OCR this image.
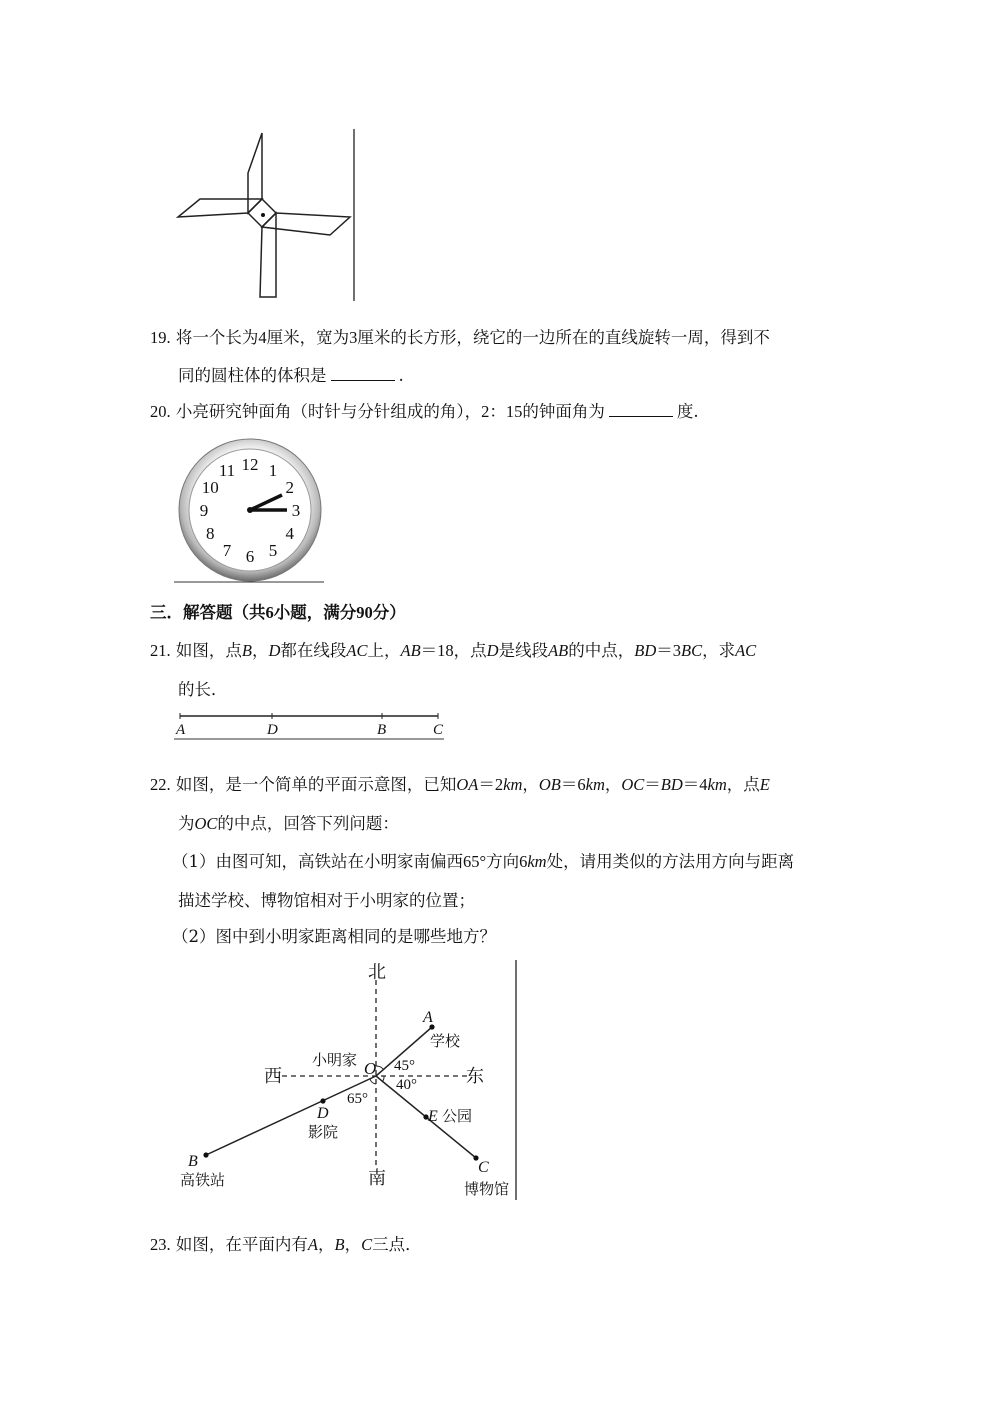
19. 将一个长为4厘米，宽为3厘米的长方形，绕它的一边所在的直线旋转一周，得到不
同的圆柱体的体积是	.
20. 小亮研究钟面角（时针与分针组成的角），2：15的钟面角为	度.
12 1
2
3
4
5
6
7
8
9
10
11
三．解答题（共6小题，满分90分）
21. 如图，点B，D都在线段AC上，AB＝18，点D是线段AB的中点，BD＝3BC，求AC
的长．
A	D	B	C
22. 如图，是一个简单的平面示意图，已知OA＝2km，OB＝6km，OC＝BD＝4km，点E
为OC的中点，回答下列问题：
（1）由图可知，高铁站在小明家南偏西65°方向6km处，请用类似的方法用方向与距离
描述学校、博物馆相对于小明家的位置；
（2）图中到小明家距离相同的是哪些地方？
北
南
西	东
小明家 O
A
学校
45°
40°
65°
D
影院
E 公园
B
高铁站
C
博物馆
23. 如图，在平面内有A，B，C三点．
